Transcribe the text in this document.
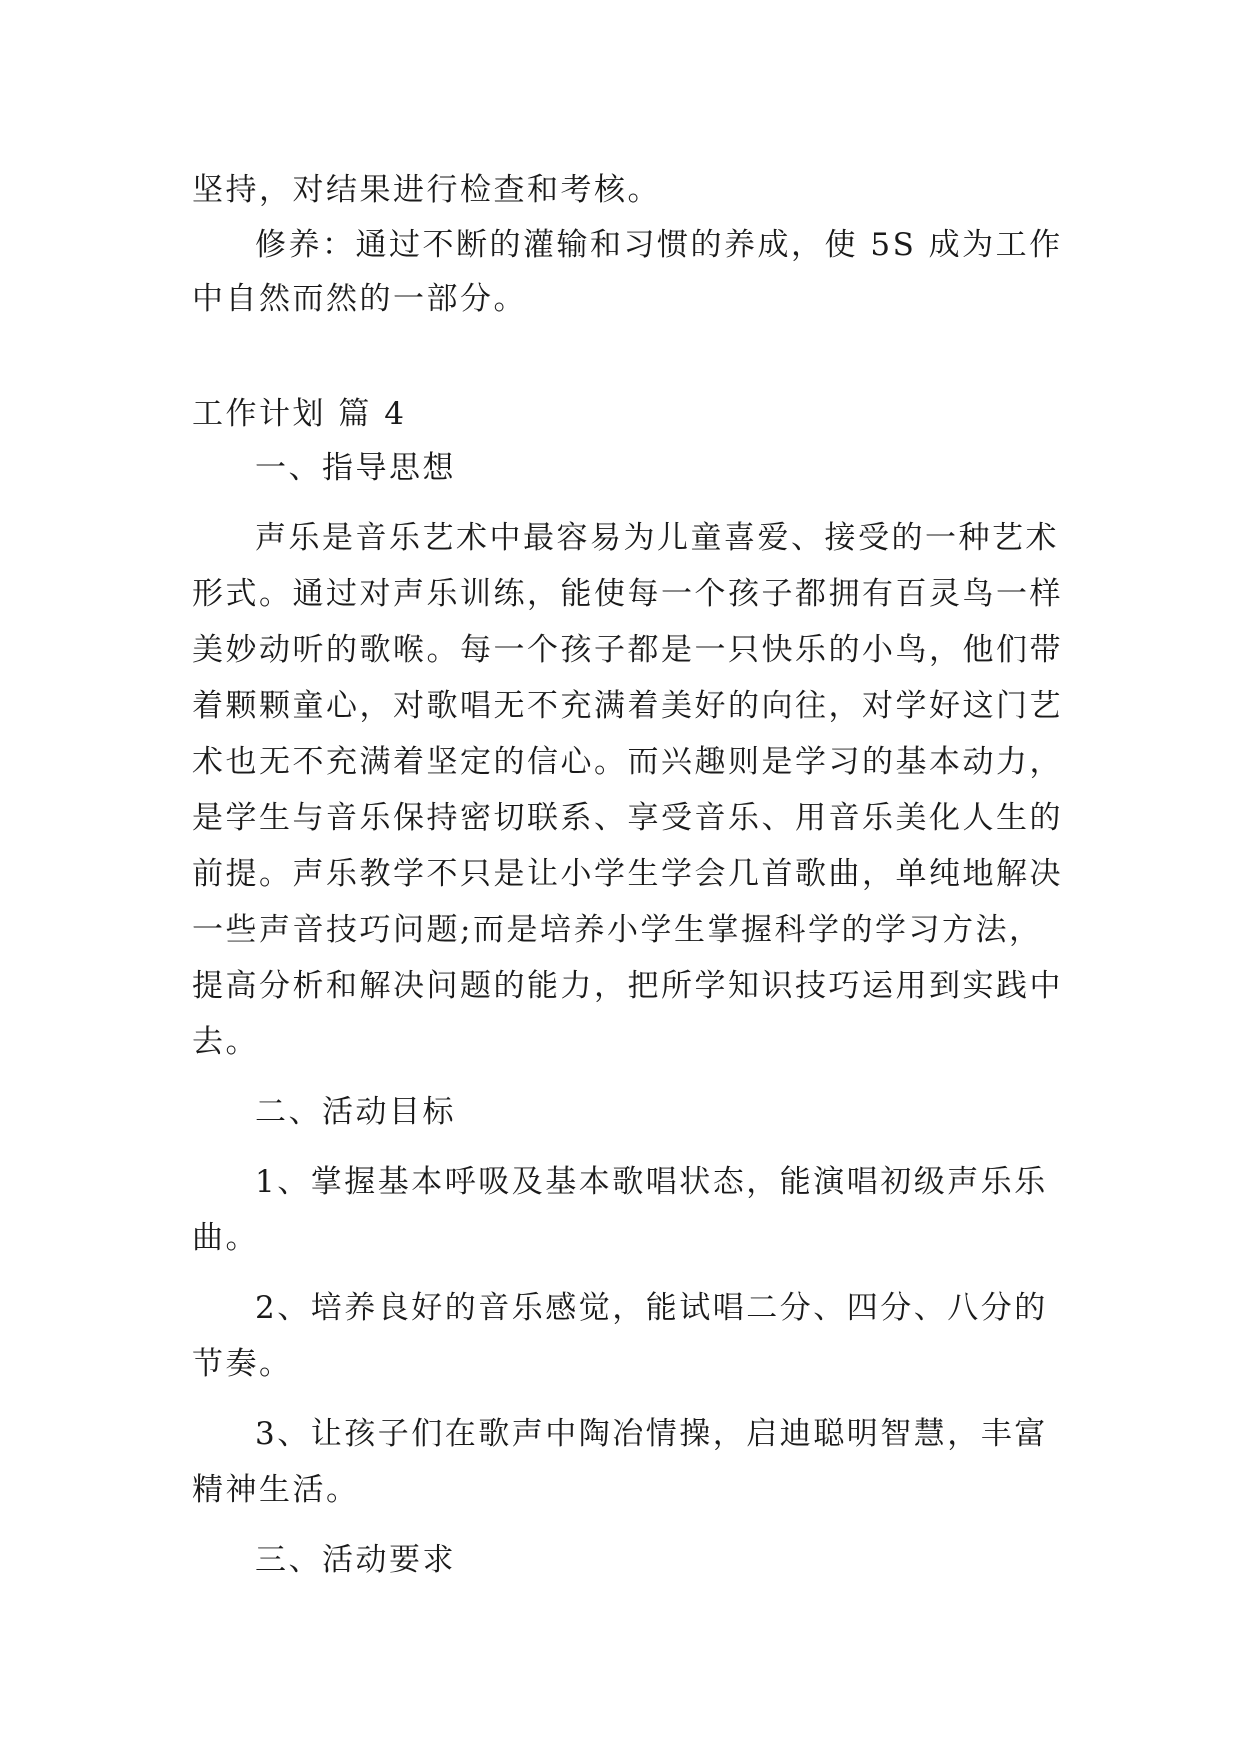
坚持，对结果进行检查和考核。
修养：通过不断的灌输和习惯的养成，使 5S 成为工作
中自然而然的一部分。
工作计划 篇 4
一、指导思想
声乐是音乐艺术中最容易为儿童喜爱、接受的一种艺术
形式。通过对声乐训练，能使每一个孩子都拥有百灵鸟一样
美妙动听的歌喉。每一个孩子都是一只快乐的小鸟，他们带
着颗颗童心，对歌唱无不充满着美好的向往，对学好这门艺
术也无不充满着坚定的信心。而兴趣则是学习的基本动力，
是学生与音乐保持密切联系、享受音乐、用音乐美化人生的
前提。声乐教学不只是让小学生学会几首歌曲，单纯地解决
一些声音技巧问题;而是培养小学生掌握科学的学习方法，
提高分析和解决问题的能力，把所学知识技巧运用到实践中
去。
二、活动目标
1、掌握基本呼吸及基本歌唱状态，能演唱初级声乐乐
曲。
2、培养良好的音乐感觉，能试唱二分、四分、八分的
节奏。
3、让孩子们在歌声中陶冶情操，启迪聪明智慧，丰富
精神生活。
三、活动要求
